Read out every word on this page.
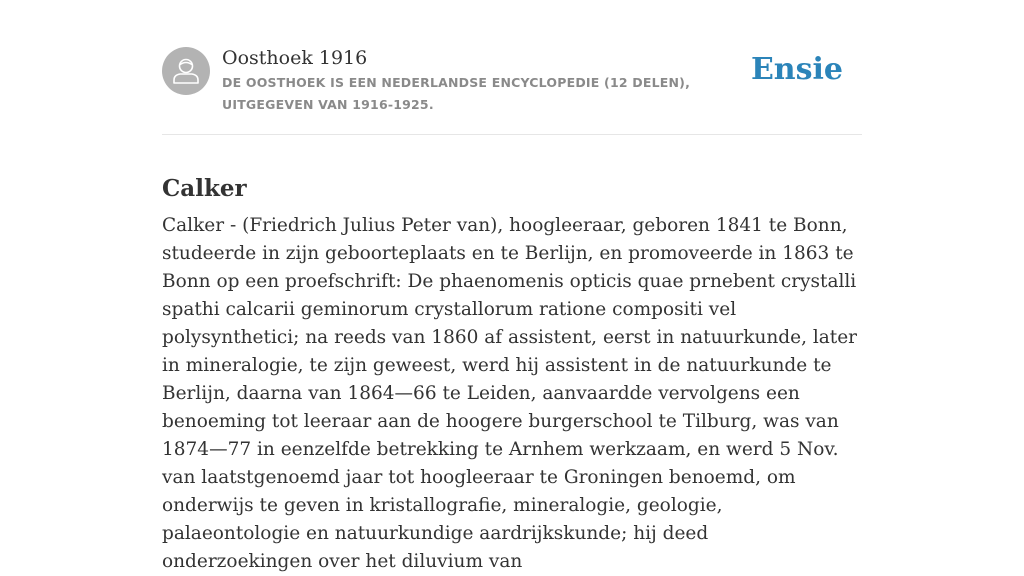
Oosthoek 1916
DE OOSTHOEK IS EEN NEDERLANDSE ENCYCLOPEDIE (12 DELEN), UITGEGEVEN VAN 1916-1925.
Ensie
Calker

Calker - (Friedrich Julius Peter van), hoogleeraar, geboren 1841 te Bonn, studeerde in zijn geboorteplaats en te Berlijn, en promoveerde in 1863 te Bonn op een proefschrift: De phaenomenis opticis quae prnebent crystalli spathi calcarii geminorum crystallorum ratione compositi vel polysynthetici; na reeds van 1860 af assistent, eerst in natuurkunde, later in mineralogie, te zijn geweest, werd hij assistent in de natuurkunde te Berlijn, daarna van 1864—66 te Leiden, aanvaardde vervolgens een benoeming tot leeraar aan de hoogere burgerschool te Tilburg, was van 1874—77 in eenzelfde betrekking te Arnhem werkzaam, en werd 5 Nov. van laatstgenoemd jaar tot hoogleeraar te Groningen benoemd, om onderwijs te geven in kristallografie, mineralogie, geologie, palaeontologie en natuurkundige aardrijkskunde; hij deed onderzoekingen over het diluvium van
